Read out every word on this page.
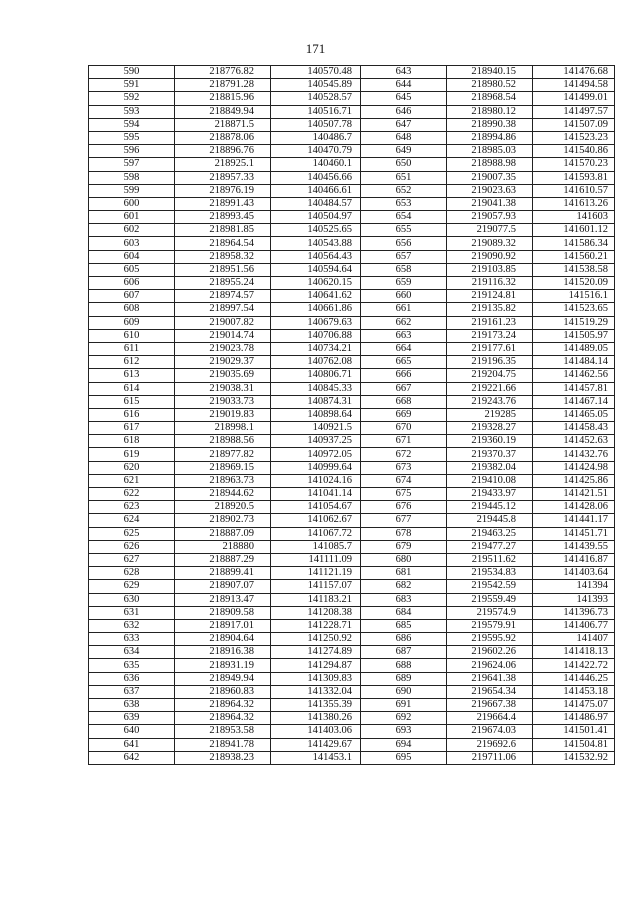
171
590	218776.82	140570.48	643	218940.15	141476.68
591	218791.28	140545.89	644	218980.52	141494.58
592	218815.96	140528.57	645	218968.54	141499.01
593	218849.94	140516.71	646	218980.12	141497.57
594	218871.5	140507.78	647	218990.38	141507.09
595	218878.06	140486.7	648	218994.86	141523.23
596	218896.76	140470.79	649	218985.03	141540.86
597	218925.1	140460.1	650	218988.98	141570.23
598	218957.33	140456.66	651	219007.35	141593.81
599	218976.19	140466.61	652	219023.63	141610.57
600	218991.43	140484.57	653	219041.38	141613.26
601	218993.45	140504.97	654	219057.93	141603
602	218981.85	140525.65	655	219077.5	141601.12
603	218964.54	140543.88	656	219089.32	141586.34
604	218958.32	140564.43	657	219090.92	141560.21
605	218951.56	140594.64	658	219103.85	141538.58
606	218955.24	140620.15	659	219116.32	141520.09
607	218974.57	140641.62	660	219124.81	141516.1
608	218997.54	140661.86	661	219135.82	141523.65
609	219007.82	140679.63	662	219161.23	141519.29
610	219014.74	140706.88	663	219173.24	141505.97
611	219023.78	140734.21	664	219177.61	141489.05
612	219029.37	140762.08	665	219196.35	141484.14
613	219035.69	140806.71	666	219204.75	141462.56
614	219038.31	140845.33	667	219221.66	141457.81
615	219033.73	140874.31	668	219243.76	141467.14
616	219019.83	140898.64	669	219285	141465.05
617	218998.1	140921.5	670	219328.27	141458.43
618	218988.56	140937.25	671	219360.19	141452.63
619	218977.82	140972.05	672	219370.37	141432.76
620	218969.15	140999.64	673	219382.04	141424.98
621	218963.73	141024.16	674	219410.08	141425.86
622	218944.62	141041.14	675	219433.97	141421.51
623	218920.5	141054.67	676	219445.12	141428.06
624	218902.73	141062.67	677	219445.8	141441.17
625	218887.09	141067.72	678	219463.25	141451.71
626	218880	141085.7	679	219477.27	141439.55
627	218887.29	141111.09	680	219511.62	141416.87
628	218899.41	141121.19	681	219534.83	141403.64
629	218907.07	141157.07	682	219542.59	141394
630	218913.47	141183.21	683	219559.49	141393
631	218909.58	141208.38	684	219574.9	141396.73
632	218917.01	141228.71	685	219579.91	141406.77
633	218904.64	141250.92	686	219595.92	141407
634	218916.38	141274.89	687	219602.26	141418.13
635	218931.19	141294.87	688	219624.06	141422.72
636	218949.94	141309.83	689	219641.38	141446.25
637	218960.83	141332.04	690	219654.34	141453.18
638	218964.32	141355.39	691	219667.38	141475.07
639	218964.32	141380.26	692	219664.4	141486.97
640	218953.58	141403.06	693	219674.03	141501.41
641	218941.78	141429.67	694	219692.6	141504.81
642	218938.23	141453.1	695	219711.06	141532.92
